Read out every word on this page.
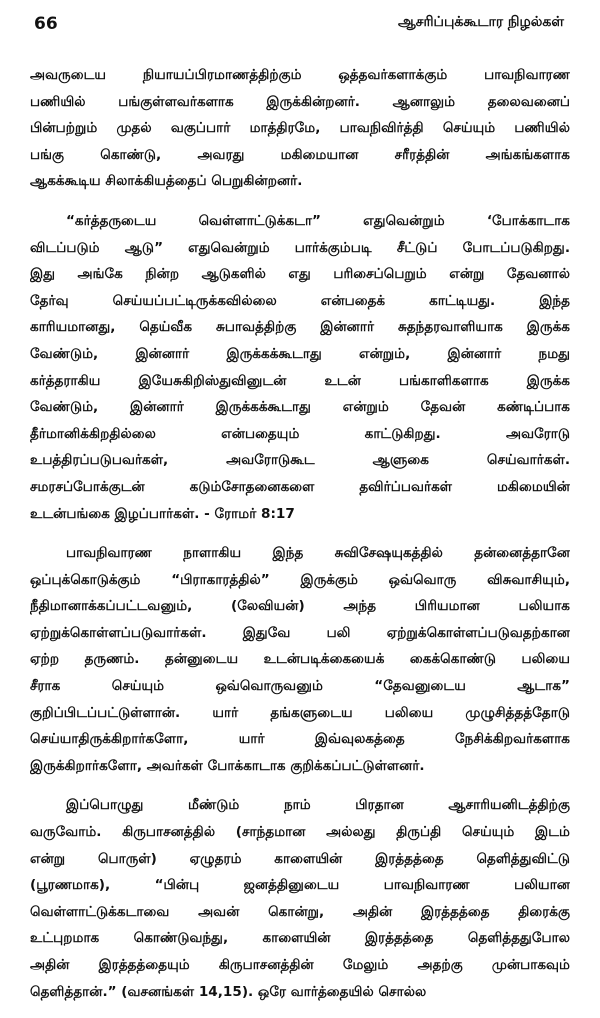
66	ஆசரிப்புக்கூடார நிழல்கள்
அவருடைய நியாயப்பிரமாணத்திற்கும் ஒத்தவர்களாக்கும் பாவநிவாரண
பணியில் பங்குள்ளவர்களாக இருக்கின்றனர். ஆனாலும் தலைவனைப்
பின்பற்றும் முதல் வகுப்பார் மாத்திரமே, பாவநிவிர்த்தி செய்யும் பணியில்
பங்கு கொண்டு, அவரது மகிமையான சரீரத்தின் அங்கங்களாக
ஆகக்கூடிய சிலாக்கியத்தைப் பெறுகின்றனர்.
“கர்த்தருடைய வெள்ளாட்டுக்கடா” எதுவென்றும் ‘போக்காடாக
விடப்படும் ஆடு” எதுவென்றும் பார்க்கும்படி சீட்டுப் போடப்படுகிறது.
இது அங்கே நின்ற ஆடுகளில் எது பரிசைப்பெறும் என்று தேவனால்
தேர்வு செய்யப்பட்டிருக்கவில்லை என்பதைக் காட்டியது. இந்த
காரியமானது, தெய்வீக சுபாவத்திற்கு இன்னார் சுதந்தரவாளியாக இருக்க
வேண்டும், இன்னார் இருக்கக்கூடாது என்றும், இன்னார் நமது
கர்த்தராகிய இயேசுகிறிஸ்துவினுடன் உடன் பங்காளிகளாக இருக்க
வேண்டும், இன்னார் இருக்கக்கூடாது என்றும் தேவன் கண்டிப்பாக
தீர்மானிக்கிறதில்லை என்பதையும் காட்டுகிறது. அவரோடு
உபத்திரப்படுபவர்கள், அவரோடுகூட ஆளுகை செய்வார்கள்.
சமரசப்போக்குடன் கடும்சோதனைகளை தவிர்ப்பவர்கள் மகிமையின்
உடன்பங்கை இழப்பார்கள். - ரோமர் 8:17
பாவநிவாரண நாளாகிய இந்த சுவிசேஷயுகத்தில் தன்னைத்தானே
ஒப்புக்கொடுக்கும் “பிராகாரத்தில்” இருக்கும் ஒவ்வொரு விசுவாசியும்,
நீதிமானாக்கப்பட்டவனும், (லேவியன்) அந்த பிரியமான பலியாக
ஏற்றுக்கொள்ளப்படுவார்கள். இதுவே பலி ஏற்றுக்கொள்ளப்படுவதற்கான
ஏற்ற தருணம். தன்னுடைய உடன்படிக்கையைக் கைக்கொண்டு பலியை
சீராக செய்யும் ஒவ்வொருவனும் “தேவனுடைய ஆடாக”
குறிப்பிடப்பட்டுள்ளான். யார் தங்களுடைய பலியை முழுசித்தத்தோடு
செய்யாதிருக்கிறார்களோ, யார் இவ்வுலகத்தை நேசிக்கிறவர்களாக
இருக்கிறார்களோ, அவர்கள் போக்காடாக குறிக்கப்பட்டுள்ளனர்.
இப்பொழுது மீண்டும் நாம் பிரதான ஆசாரியனிடத்திற்கு
வருவோம். கிருபாசனத்தில் (சாந்தமான அல்லது திருப்தி செய்யும் இடம்
என்று பொருள்) ஏழுதரம் காளையின் இரத்தத்தை தெளித்துவிட்டு
(பூரணமாக), “பின்பு ஜனத்தினுடைய பாவநிவாரண பலியான
வெள்ளாட்டுக்கடாவை அவன் கொன்று, அதின் இரத்தத்தை திரைக்கு
உட்புறமாக கொண்டுவந்து, காளையின் இரத்தத்தை தெளித்ததுபோல
அதின் இரத்தத்தையும் கிருபாசனத்தின் மேலும் அதற்கு முன்பாகவும்
தெளித்தான்.” (வசனங்கள் 14,15). ஒரே வார்த்தையில் சொல்ல
